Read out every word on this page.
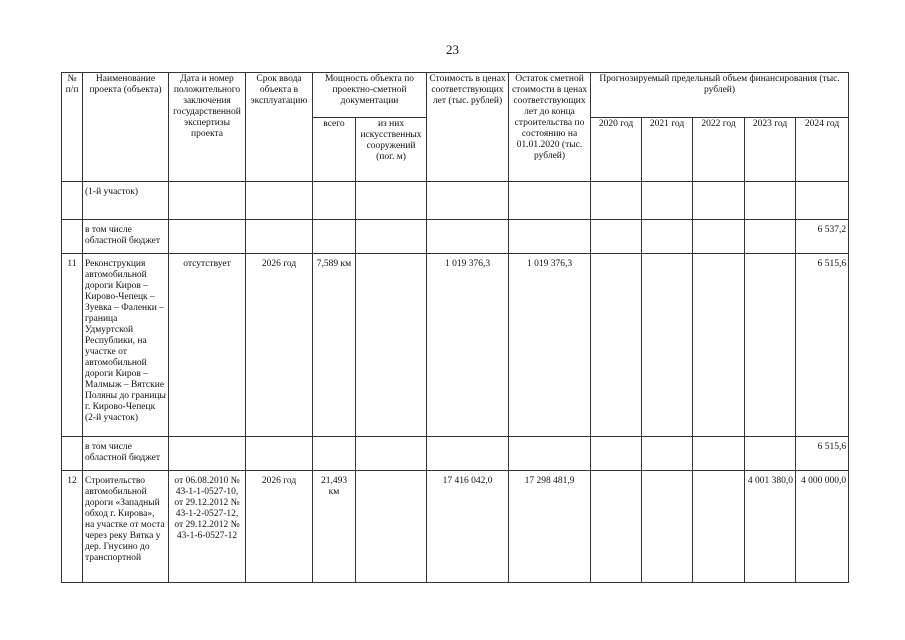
23
№ п/п	Наименование проекта (объекта)	Дата и номер положительного заключения государственной экспертизы проекта	Срок ввода объекта в эксплуатацию	Мощность объекта по проектно-сметной документации		Стоимость в ценах соответствующих лет (тыс. рублей)	Остаток сметной стоимости в ценах соответствующих лет до конца строительства по состоянию на 01.01.2020 (тыс. рублей)	Прогнозируемый предельный объем финансирования (тыс. рублей)				
				всего	из них искусственных сооружений (пог. м)			2020 год	2021 год	2022 год	2023 год	2024 год
	(1-й участок)											
	в том числе областной бюджет											6 537,2
11	Реконструкция автомобильной дороги Киров – Кирово-Чепецк – Зуевка – Фаленки – граница Удмуртской Республики, на участке от автомобильной дороги Киров – Малмыж – Вятские Поляны до границы г. Кирово-Чепецк (2-й участок)	отсутствует	2026 год	7,589 км		1 019 376,3	1 019 376,3					6 515,6
	в том числе областной бюджет											6 515,6
12	Строительство автомобильной дороги «Западный обход г. Кирова», на участке от моста через реку Вятка у дер. Гнусино до транспортной	от 06.08.2010 № 43-1-1-0527-10, от 29.12.2012 № 43-1-2-0527-12, от 29.12.2012 № 43-1-6-0527-12	2026 год	21,493 км		17 416 042,0	17 298 481,9				4 001 380,0	4 000 000,0
